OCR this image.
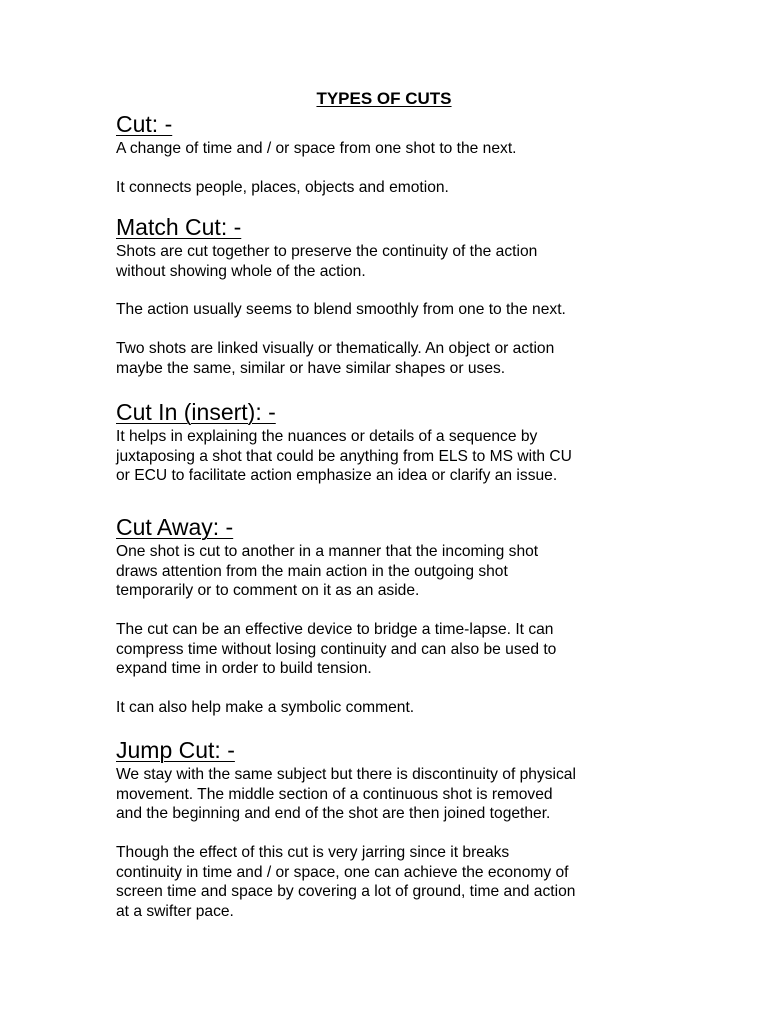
TYPES OF CUTS
Cut: -
A change of time and / or space from one shot to the next.
It connects people, places, objects and emotion.
Match Cut: -
Shots are cut together to preserve the continuity of the action
without showing whole of the action.
The action usually seems to blend smoothly from one to the next.
Two shots are linked visually or thematically. An object or action
maybe the same, similar or have similar shapes or uses.
Cut In (insert): -
It helps in explaining the nuances or details of a sequence by
juxtaposing a shot that could be anything from ELS to MS with CU
or ECU to facilitate action emphasize an idea or clarify an issue.
Cut Away: -
One shot is cut to another in a manner that the incoming shot
draws attention from the main action in the outgoing shot
temporarily or to comment on it as an aside.
The cut can be an effective device to bridge a time-lapse. It can
compress time without losing continuity and can also be used to
expand time in order to build tension.
It can also help make a symbolic comment.
Jump Cut: -
We stay with the same subject but there is discontinuity of physical
movement. The middle section of a continuous shot is removed
and the beginning and end of the shot are then joined together.
Though the effect of this cut is very jarring since it breaks
continuity in time and / or space, one can achieve the economy of
screen time and space by covering a lot of ground, time and action
at a swifter pace.
